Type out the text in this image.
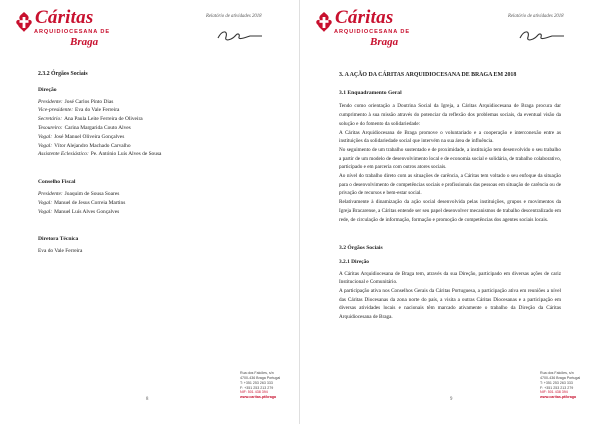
Cáritas
ARQUIDIOCESANA DE
Braga
Relatório de atividades 2018
2.3.2 Órgãos Sociais
Direção
Presidente: José Carlos Pinto Dias
Vice-presidente: Eva do Vale Ferreira
Secretário: Ana Paula Leite Ferreira de Oliveira
Tesoureiro: Carina Margarida Couto Alves
Vogal: José Manuel Oliveira Gonçalves
Vogal: Vítor Alejandro Machado Carvalho
Assistente Eclesiástico: Pe. António Luís Alves de Sousa
Conselho Fiscal
Presidente: Joaquim de Sousa Soares
Vogal: Manuel de Jesus Correia Martins
Vogal: Manuel Luís Alves Gonçalves
Diretora Técnica
Eva do Vale Ferreira
8
Cáritas
ARQUIDIOCESANA DE
Braga
Relatório de atividades 2018
3. A AÇÃO DA CÁRITAS ARQUIDIOCESANA DE BRAGA EM 2018
3.1 Enquadramento Geral

Tendo como orientação a Doutrina Social da Igreja, a Cáritas Arquidiocesana de Braga procura dar cumprimento à sua missão através do potenciar da reflexão dos problemas sociais, da eventual visão da solução e do fomento da solidariedade:

A Cáritas Arquidiocesana de Braga promove o voluntariado e a cooperação e interconexão entre as instituições da solidariedade social que intervém na sua área de influência.

No seguimento de um trabalho sustentado e de proximidade, a instituição tem desenvolvido o seu trabalho a partir de um modelo de desenvolvimento local e de economia social e solidária, de trabalho colaborativo, participado e em parceria com outros atores sociais.

Ao nível do trabalho direto com as situações de carência, a Cáritas tem voltado o seu enfoque da situação para o desenvolvimento de competências sociais e profissionais das pessoas em situação de carência ou de privação de recursos e bem-estar social.

Relativamente à dinamização da ação social desenvolvida pelas instituições, grupos e movimentos da Igreja Bracarense, a Cáritas entende ser seu papel desenvolver mecanismos de trabalho descentralizado em rede, de circulação de informação, formação e promoção de competências dos agentes sociais locais.

3.2 Órgãos Sociais
3.2.1 Direção

A Cáritas Arquidiocesana de Braga tem, através da sua Direção, participado em diversas ações de cariz Institucional e Comunitário.

A participação ativa nos Conselhos Gerais da Cáritas Portuguesa, a participação ativa em reuniões a nível das Cáritas Diocesanas da zona norte do país, a visita a outras Cáritas Diocesanas e a participação em diversas atividades locais e nacionais têm marcado ativamente o trabalho da Direção da Cáritas Arquidiocesana de Braga.

9
Rua dos Falcões, s/n
4700-436 Braga Portugal
T: +351 253 263 333
F: +351 253 213 279
NIF: 501 438 394
www.caritas.pt/braga
Rua dos Falcões, s/n
4700-436 Braga Portugal
T: +351 253 263 333
F: +351 253 213 279
NIF: 501 438 394
www.caritas.pt/braga
